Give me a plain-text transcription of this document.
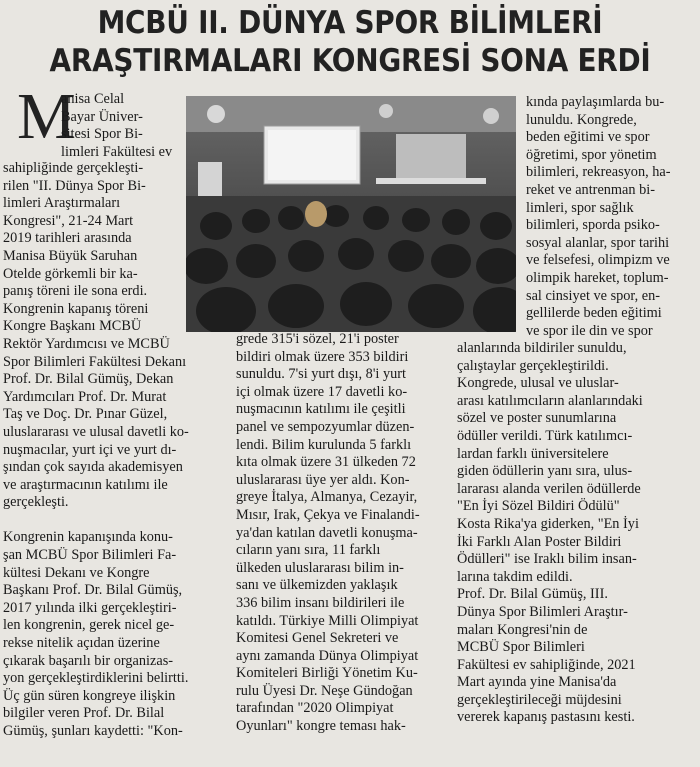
MCBÜ II. DÜNYA SPOR BİLİMLERİ
ARAŞTIRMALARI KONGRESİ SONA ERDİ
M
anisa Celal
Bayar Üniver-
sitesi Spor Bi-
limleri Fakültesi ev
sahipliğinde gerçekleşti-
rilen "II. Dünya Spor Bi-
limleri Araştırmaları
Kongresi", 21-24 Mart
2019 tarihleri arasında
Manisa Büyük Saruhan
Otelde görkemli bir ka-
panış töreni ile sona erdi.
Kongrenin kapanış töreni
Kongre Başkanı MCBÜ
Rektör Yardımcısı ve MCBÜ
Spor Bilimleri Fakültesi Dekanı
Prof. Dr. Bilal Gümüş, Dekan
Yardımcıları Prof. Dr. Murat
Taş ve Doç. Dr. Pınar Güzel,
uluslararası ve ulusal davetli ko-
nuşmacılar, yurt içi ve yurt dı-
şından çok sayıda akademisyen
ve araştırmacının katılımı ile
gerçekleşti.
Kongrenin kapanışında konu-
şan MCBÜ Spor Bilimleri Fa-
kültesi Dekanı ve Kongre
Başkanı Prof. Dr. Bilal Gümüş,
2017 yılında ilki gerçekleştiri-
len kongrenin, gerek nicel ge-
rekse nitelik açıdan üzerine
çıkarak başarılı bir organizas-
yon gerçekleştirdiklerini belirtti.
Üç gün süren kongreye ilişkin
bilgiler veren Prof. Dr. Bilal
Gümüş, şunları kaydetti: "Kon-
grede 315'i sözel, 21'i poster
bildiri olmak üzere 353 bildiri
sunuldu. 7'si yurt dışı, 8'i yurt
içi olmak üzere 17 davetli ko-
nuşmacının katılımı ile çeşitli
panel ve sempozyumlar düzen-
lendi. Bilim kurulunda 5 farklı
kıta olmak üzere 31 ülkeden 72
uluslararası üye yer aldı. Kon-
greye İtalya, Almanya, Cezayir,
Mısır, Irak, Çekya ve Finalandi-
ya'dan katılan davetli konuşma-
cıların yanı sıra, 11 farklı
ülkeden uluslararası bilim in-
sanı ve ülkemizden yaklaşık
336 bilim insanı bildirileri ile
katıldı. Türkiye Milli Olimpiyat
Komitesi Genel Sekreteri ve
aynı zamanda Dünya Olimpiyat
Komiteleri Birliği Yönetim Ku-
rulu Üyesi Dr. Neşe Gündoğan
tarafından "2020 Olimpiyat
Oyunları" kongre teması hak-
kında paylaşımlarda bu-
lunuldu. Kongrede,
beden eğitimi ve spor
öğretimi, spor yönetim
bilimleri, rekreasyon, ha-
reket ve antrenman bi-
limleri, spor sağlık
bilimleri, sporda psiko-
sosyal alanlar, spor tarihi
ve felsefesi, olimpizm ve
olimpik hareket, toplum-
sal cinsiyet ve spor, en-
gellilerde beden eğitimi
ve spor ile din ve spor
alanlarında bildiriler sunuldu,
çalıştaylar gerçekleştirildi.
Kongrede, ulusal ve uluslar-
arası katılımcıların alanlarındaki
sözel ve poster sunumlarına
ödüller verildi. Türk katılımcı-
lardan farklı üniversitelere
giden ödüllerin yanı sıra, ulus-
lararası alanda verilen ödüllerde
"En İyi Sözel Bildiri Ödülü"
Kosta Rika'ya giderken, "En İyi
İki Farklı Alan Poster Bildiri
Ödülleri" ise Iraklı bilim insan-
larına takdim edildi.
Prof. Dr. Bilal Gümüş, III.
Dünya Spor Bilimleri Araştır-
maları Kongresi'nin de
MCBÜ Spor Bilimleri
Fakültesi ev sahipliğinde, 2021
Mart ayında yine Manisa'da
gerçekleştirileceği müjdesini
vererek kapanış pastasını kesti.
